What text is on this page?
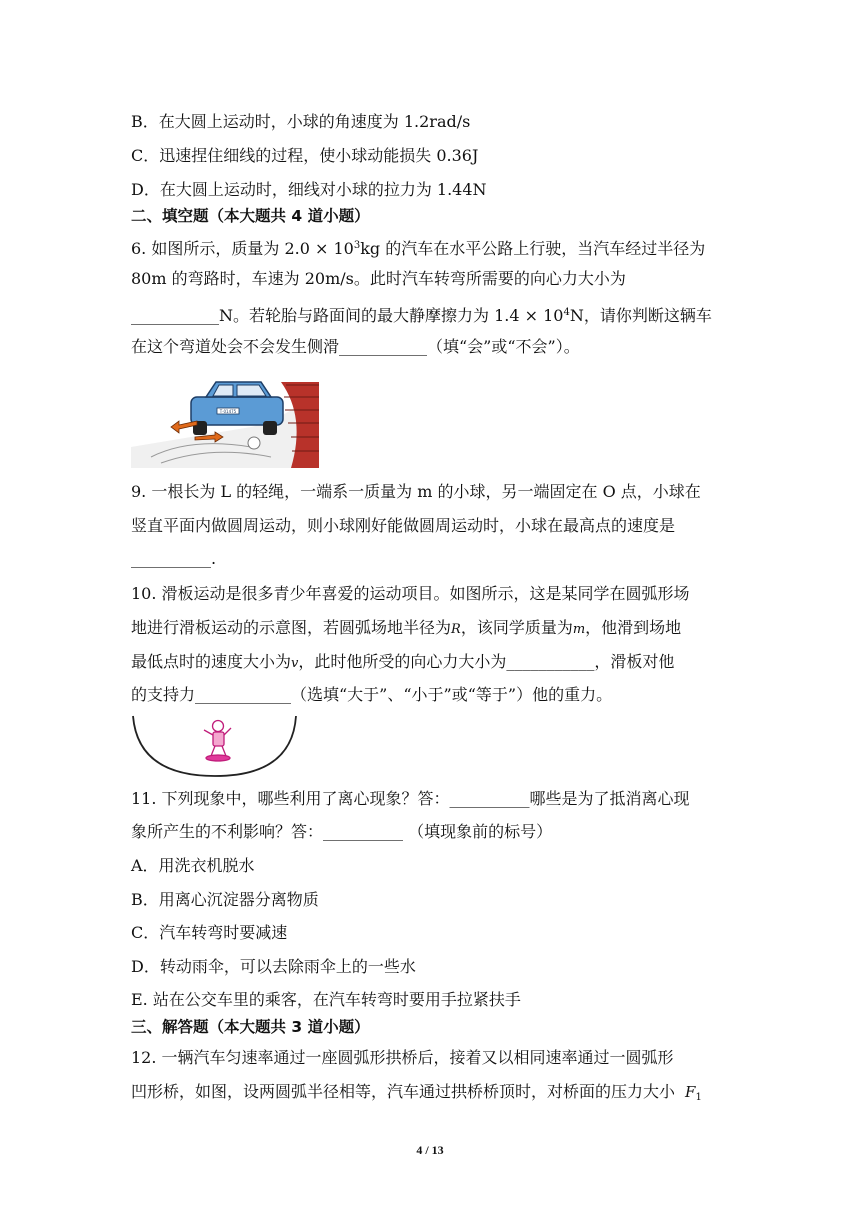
B．在大圆上运动时，小球的角速度为 1.2rad/s
C．迅速捏住细线的过程，使小球动能损失 0.36J
D．在大圆上运动时，细线对小球的拉力为 1.44N
二、填空题（本大题共 4 道小题）
6. 如图所示，质量为 $2.0 \times 10^3kg$ 的汽车在水平公路上行驶，当汽车经过半径为
80m 的弯路时，车速为 20m/s。此时汽车转弯所需要的向心力大小为
___________N。若轮胎与路面间的最大静摩擦力为 $1.4 \times 10^4N$，请你判断这辆车
在这个弯道处会不会发生侧滑___________（填“会”或“不会”）。
T·01475
9. 一根长为 L 的轻绳，一端系一质量为 m 的小球，另一端固定在 O 点，小球在
竖直平面内做圆周运动，则小球刚好能做圆周运动时，小球在最高点的速度是
__________.
10. 滑板运动是很多青少年喜爱的运动项目。如图所示，这是某同学在圆弧形场
地进行滑板运动的示意图，若圆弧场地半径为R，该同学质量为m，他滑到场地
最低点时的速度大小为v，此时他所受的向心力大小为___________，滑板对他
的支持力____________（选填“大于”、“小于”或“等于”）他的重力。
11. 下列现象中，哪些利用了离心现象？答：__________哪些是为了抵消离心现
象所产生的不利影响？答：__________ （填现象前的标号）
A．用洗衣机脱水
B．用离心沉淀器分离物质
C．汽车转弯时要减速
D．转动雨伞，可以去除雨伞上的一些水
E. 站在公交车里的乘客，在汽车转弯时要用手拉紧扶手
三、解答题（本大题共 3 道小题）
12. 一辆汽车匀速率通过一座圆弧形拱桥后，接着又以相同速率通过一圆弧形
凹形桥，如图，设两圆弧半径相等，汽车通过拱桥桥顶时，对桥面的压力大小 F1
4 / 13
